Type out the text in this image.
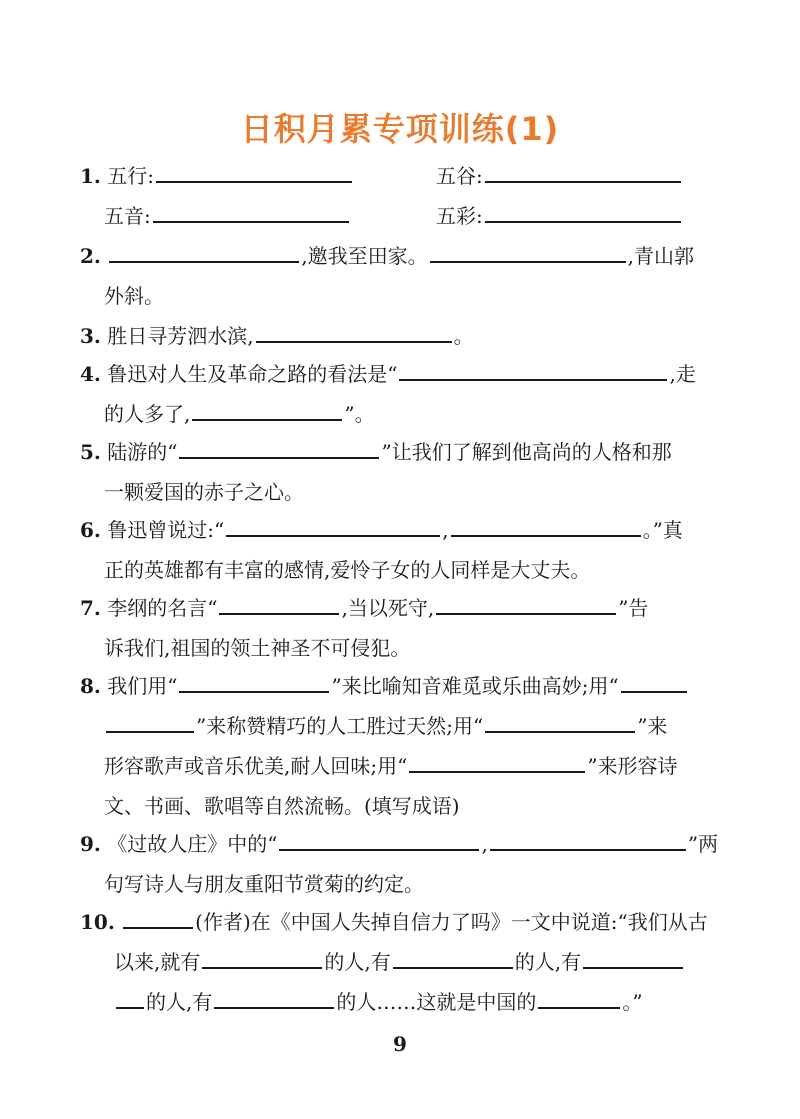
日积月累专项训练(1)
1. 五行:	五谷:
五音:	五彩:
2.	,邀我至田家。	,青山郭
外斜。
3. 胜日寻芳泗水滨,	。
4. 鲁迅对人生及革命之路的看法是“	,走
的人多了,	”。
5. 陆游的“	”让我们了解到他高尚的人格和那
一颗爱国的赤子之心。
6. 鲁迅曾说过:“	,	。”真
正的英雄都有丰富的感情,爱怜子女的人同样是大丈夫。
7. 李纲的名言“	,当以死守,	”告
诉我们,祖国的领土神圣不可侵犯。
8. 我们用“	”来比喻知音难觅或乐曲高妙;用“
”来称赞精巧的人工胜过天然;用“	”来
形容歌声或音乐优美,耐人回味;用“	”来形容诗
文、书画、歌唱等自然流畅。(填写成语)
9. 《过故人庄》中的“	,	”两
句写诗人与朋友重阳节赏菊的约定。
10.	(作者)在《中国人失掉自信力了吗》一文中说道:“我们从古
以来,就有	的人,有	的人,有
的人,有	的人……这就是中国的	。”
9
